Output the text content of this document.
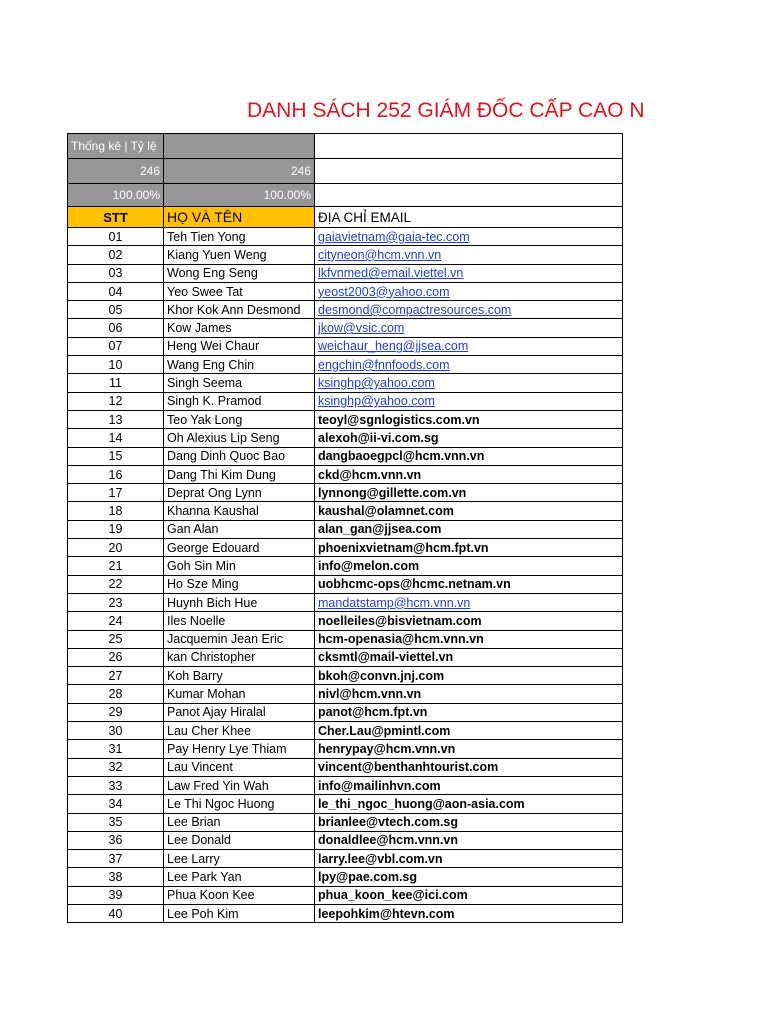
DANH SÁCH 252 GIÁM ĐỐC CẤP CAO N
Thống kê | Tỷ lệ		
246	246	
100.00%	100.00%	
STT	HỌ VÀ TÊN	ĐỊA CHỈ EMAIL
01	Teh Tien Yong	gaiavietnam@gaia-tec.com
02	Kiang Yuen Weng	cityneon@hcm.vnn.vn
03	Wong Eng Seng	lkfvnmed@email.viettel.vn
04	Yeo Swee Tat	yeost2003@yahoo.com
05	Khor Kok Ann Desmond	desmond@compactresources.com
06	Kow James	jkow@vsic.com
07	Heng Wei Chaur	weichaur_heng@jjsea.com
10	Wang Eng Chin	engchin@fnnfoods.com
11	Singh Seema	ksinghp@yahoo.com
12	Singh K. Pramod	ksinghp@yahoo.com
13	Teo Yak Long	teoyl@sgnlogistics.com.vn
14	Oh Alexius Lip Seng	alexoh@ii-vi.com.sg
15	Dang Dinh Quoc Bao	dangbaoegpcl@hcm.vnn.vn
16	Dang Thi Kim Dung	ckd@hcm.vnn.vn
17	Deprat Ong Lynn	lynnong@gillette.com.vn
18	Khanna Kaushal	kaushal@olamnet.com
19	Gan Alan	alan_gan@jjsea.com
20	George Edouard	phoenixvietnam@hcm.fpt.vn
21	Goh Sin Min	info@melon.com
22	Ho Sze Ming	uobhcmc-ops@hcmc.netnam.vn
23	Huynh Bich Hue	mandatstamp@hcm.vnn.vn
24	Iles Noelle	noelleiles@bisvietnam.com
25	Jacquemin Jean Eric	hcm-openasia@hcm.vnn.vn
26	kan Christopher	cksmtl@mail-viettel.vn
27	Koh Barry	bkoh@convn.jnj.com
28	Kumar Mohan	nivl@hcm.vnn.vn
29	Panot Ajay Hiralal	panot@hcm.fpt.vn
30	Lau Cher Khee	Cher.Lau@pmintl.com
31	Pay Henry Lye Thiam	henrypay@hcm.vnn.vn
32	Lau Vincent	vincent@benthanhtourist.com
33	Law Fred Yin Wah	info@mailinhvn.com
34	Le Thi Ngoc Huong	le_thi_ngoc_huong@aon-asia.com
35	Lee Brian	brianlee@vtech.com.sg
36	Lee Donald	donaldlee@hcm.vnn.vn
37	Lee Larry	larry.lee@vbl.com.vn
38	Lee Park Yan	lpy@pae.com.sg
39	Phua Koon Kee	phua_koon_kee@ici.com
40	Lee Poh Kim	leepohkim@htevn.com
